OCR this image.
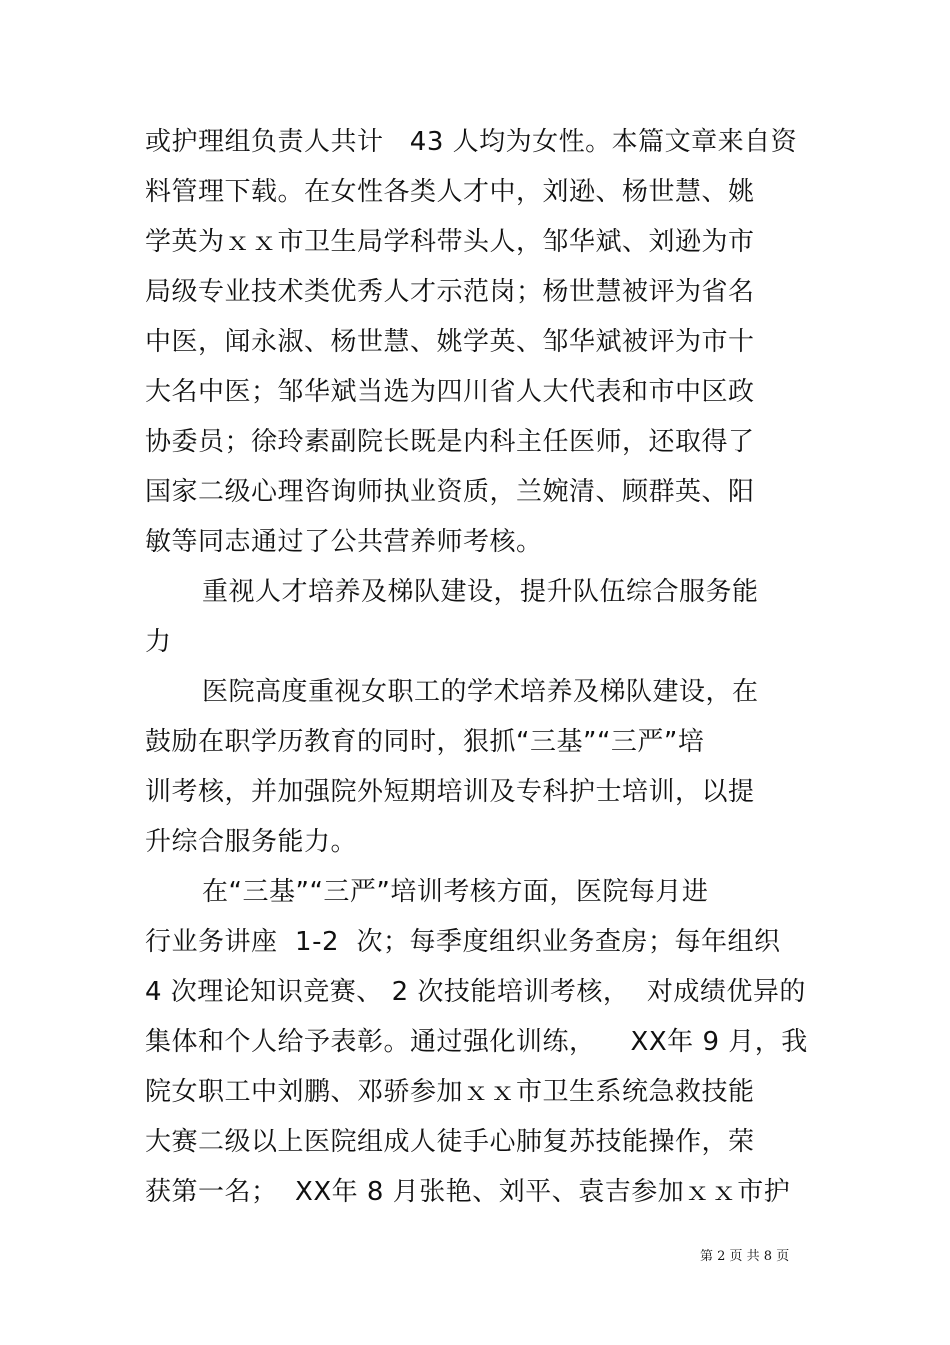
或护理组负责人共计   43 人均为女性。本篇文章来自资
料管理下载。在女性各类人才中，刘逊、杨世慧、姚
学英为ｘｘ市卫生局学科带头人，邹华斌、刘逊为市
局级专业技术类优秀人才示范岗；杨世慧被评为省名
中医，闻永淑、杨世慧、姚学英、邹华斌被评为市十
大名中医；邹华斌当选为四川省人大代表和市中区政
协委员；徐玲素副院长既是内科主任医师，还取得了
国家二级心理咨询师执业资质，兰婉清、顾群英、阳
敏等同志通过了公共营养师考核。
重视人才培养及梯队建设，提升队伍综合服务能
力
医院高度重视女职工的学术培养及梯队建设，在
鼓励在职学历教育的同时，狠抓“三基”“三严”培
训考核，并加强院外短期培训及专科护士培训，以提
升综合服务能力。
在“三基”“三严”培训考核方面，医院每月进
行业务讲座  1-2  次；每季度组织业务查房；每年组织
4 次理论知识竞赛、 2 次技能培训考核，  对成绩优异的
集体和个人给予表彰。通过强化训练，    XX年 9 月，我
院女职工中刘鹏、邓骄参加ｘｘ市卫生系统急救技能
大赛二级以上医院组成人徒手心肺复苏技能操作，荣
获第一名；  XX年 8 月张艳、刘平、袁吉参加ｘｘ市护
第 2 页 共 8 页
